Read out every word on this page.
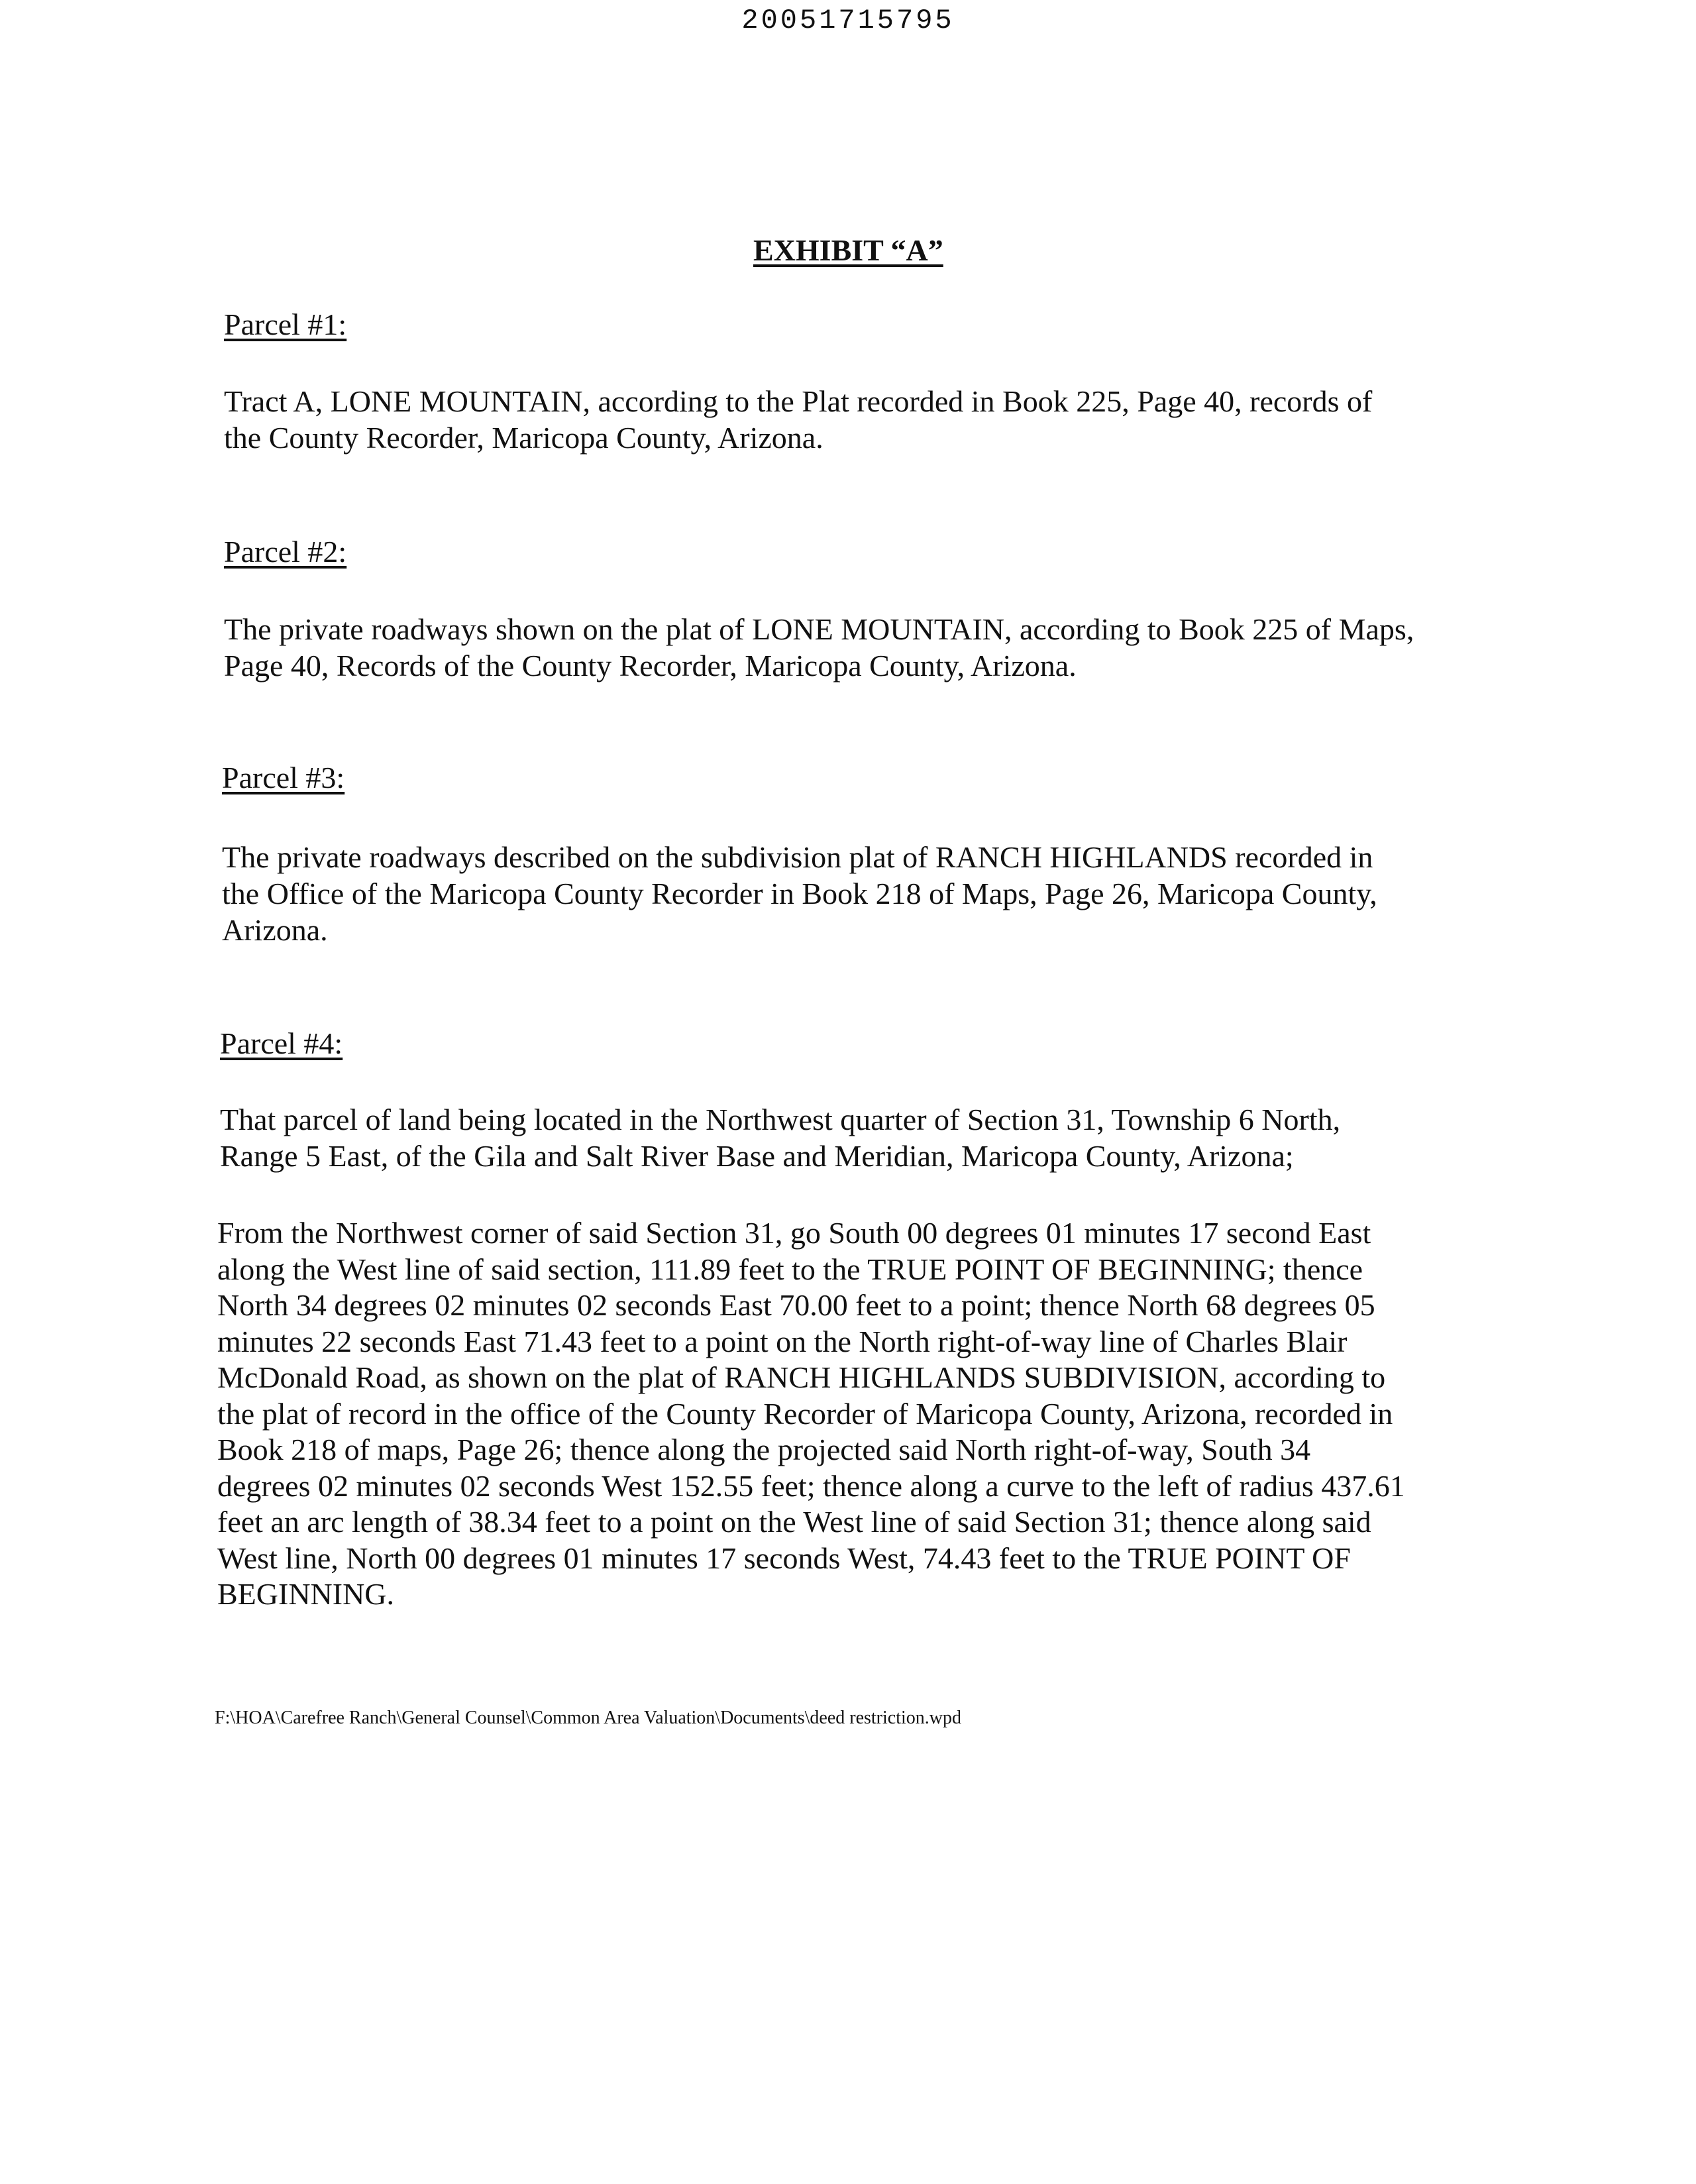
20051715795
EXHIBIT “A”
Parcel #1:
Tract A, LONE MOUNTAIN, according to the Plat recorded in Book 225, Page 40, records of
the County Recorder, Maricopa County, Arizona.
Parcel #2:
The private roadways shown on the plat of LONE MOUNTAIN, according to Book 225 of Maps,
Page 40, Records of the County Recorder, Maricopa County, Arizona.
Parcel #3:
The private roadways described on the subdivision plat of RANCH HIGHLANDS recorded in
the Office of the Maricopa County Recorder in Book 218 of Maps, Page 26, Maricopa County,
Arizona.
Parcel #4:
That parcel of land being located in the Northwest quarter of Section 31, Township 6 North,
Range 5 East, of the Gila and Salt River Base and Meridian, Maricopa County, Arizona;
From the Northwest corner of said Section 31, go South 00 degrees 01 minutes 17 second East
along the West line of said section, 111.89 feet to the TRUE POINT OF BEGINNING; thence
North 34 degrees 02 minutes 02 seconds East 70.00 feet to a point; thence North 68 degrees 05
minutes 22 seconds East 71.43 feet to a point on the North right-of-way line of Charles Blair
McDonald Road, as shown on the plat of RANCH HIGHLANDS SUBDIVISION, according to
the plat of record in the office of the County Recorder of Maricopa County, Arizona, recorded in
Book 218 of maps, Page 26; thence along the projected said North right-of-way, South 34
degrees 02 minutes 02 seconds West 152.55 feet; thence along a curve to the left of radius 437.61
feet an arc length of 38.34 feet to a point on the West line of said Section 31; thence along said
West line, North 00 degrees 01 minutes 17 seconds West, 74.43 feet to the TRUE POINT OF
BEGINNING.
F:\HOA\Carefree Ranch\General Counsel\Common Area Valuation\Documents\deed restriction.wpd
